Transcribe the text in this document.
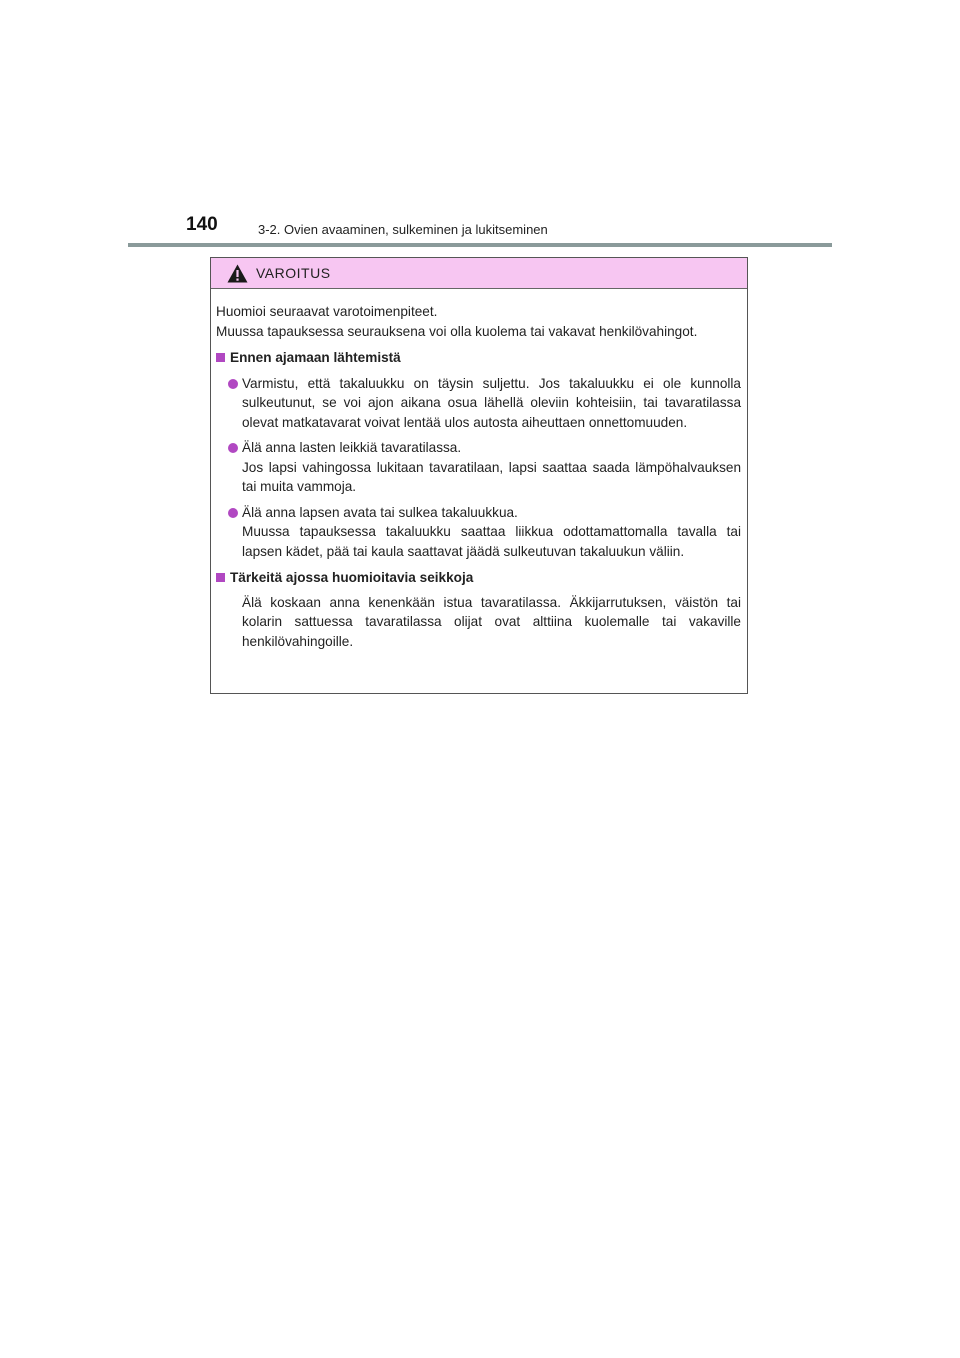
140	3-2. Ovien avaaminen, sulkeminen ja lukitseminen
VAROITUS

Huomioi seuraavat varotoimenpiteet.

Muussa tapauksessa seurauksena voi olla kuolema tai vakavat henkilövahingot.

Ennen ajamaan lähtemistä

Varmistu, että takaluukku on täysin suljettu. Jos takaluukku ei ole kunnolla sulkeutunut, se voi ajon aikana osua lähellä oleviin kohteisiin, tai tavaratilassa olevat matkatavarat voivat lentää ulos autosta aiheuttaen onnettomuuden.

Älä anna lasten leikkiä tavaratilassa.

Jos lapsi vahingossa lukitaan tavaratilaan, lapsi saattaa saada lämpöhalvauksen tai muita vammoja.

Älä anna lapsen avata tai sulkea takaluukkua.

Muussa tapauksessa takaluukku saattaa liikkua odottamattomalla tavalla tai lapsen kädet, pää tai kaula saattavat jäädä sulkeutuvan takaluukun väliin.

Tärkeitä ajossa huomioitavia seikkoja
Älä koskaan anna kenenkään istua tavaratilassa. Äkkijarrutuksen, väistön tai kolarin sattuessa tavaratilassa olijat ovat alttiina kuolemalle tai vakaville henkilövahingoille.
